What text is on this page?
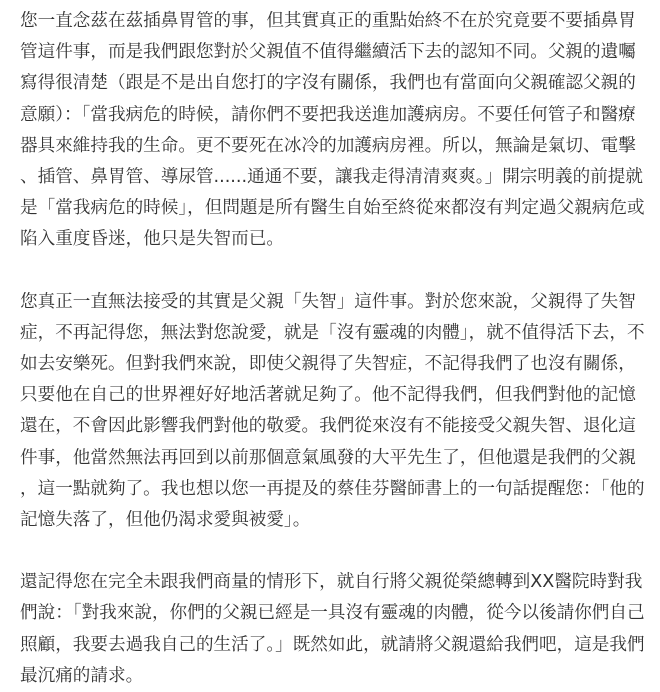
您一直念茲在茲插鼻胃管的事，但其實真正的重點始終不在於究竟要不要插鼻胃管這件事，而是我們跟您對於父親值不值得繼續活下去的認知不同。父親的遺囑寫得很清楚（跟是不是出自您打的字沒有關係，我們也有當面向父親確認父親的意願）：「當我病危的時候，請你們不要把我送進加護病房。不要任何管子和醫療器具來維持我的生命。更不要死在冰冷的加護病房裡。所以，無論是氣切、電擊、插管、鼻胃管、導尿管......通通不要，讓我走得清清爽爽。」開宗明義的前提就是「當我病危的時候」，但問題是所有醫生自始至終從來都沒有判定過父親病危或陷入重度昏迷，他只是失智而已。

您真正一直無法接受的其實是父親「失智」這件事。對於您來說，父親得了失智症，不再記得您，無法對您說愛，就是「沒有靈魂的肉體」，就不值得活下去，不如去安樂死。但對我們來說，即使父親得了失智症，不記得我們了也沒有關係，只要他在自己的世界裡好好地活著就足夠了。他不記得我們，但我們對他的記憶還在，不會因此影響我們對他的敬愛。我們從來沒有不能接受父親失智、退化這件事，他當然無法再回到以前那個意氣風發的大平先生了，但他還是我們的父親，這一點就夠了。我也想以您一再提及的蔡佳芬醫師書上的一句話提醒您：「他的記憶失落了，但他仍渴求愛與被愛」。

還記得您在完全未跟我們商量的情形下，就自行將父親從榮總轉到XX醫院時對我們說：「對我來說，你們的父親已經是一具沒有靈魂的肉體，從今以後請你們自己照顧，我要去過我自己的生活了。」既然如此，就請將父親還給我們吧，這是我們最沉痛的請求。
